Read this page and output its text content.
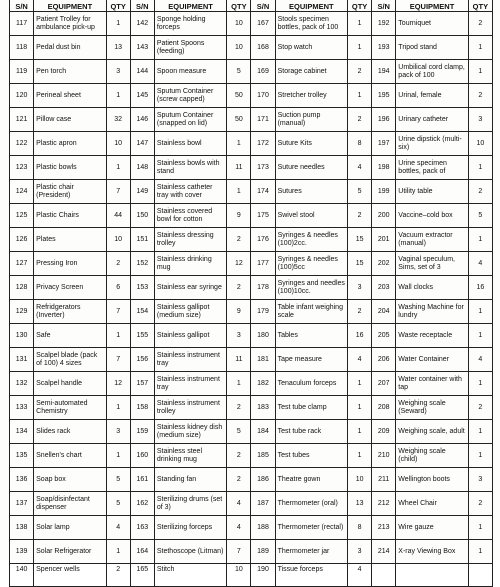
S/N	EQUIPMENT	QTY	S/N	EQUIPMENT	QTY	S/N	EQUIPMENT	QTY	S/N	EQUIPMENT	QTY
117	Patient Trolley for ambulance pick-up	1	142	Sponge holding forceps	10	167	Stools specimen bottles, pack of 100	1	192	Tourniquet	2
118	Pedal dust bin	13	143	Patient Spoons (feeding)	10	168	Stop watch	1	193	Tripod stand	1
119	Pen torch	3	144	Spoon measure	5	169	Storage cabinet	2	194	Umbilical cord clamp, pack of 100	1
120	Perineal sheet	1	145	Sputum Container (screw capped)	50	170	Stretcher trolley	1	195	Urinal, female	2
121	Pillow case	32	146	Sputum Container (snapped on lid)	50	171	Suction pump (manual)	2	196	Urinary catheter	3
122	Plastic apron	10	147	Stainless bowl	1	172	Suture Kits	8	197	Urine dipstick (multi-six)	10
123	Plastic bowls	1	148	Stainless bowls with stand	11	173	Suture needles	4	198	Urine specimen bottles, pack of	1
124	Plastic chair (President)	7	149	Stainless catheter tray with cover	1	174	Sutures	5	199	Utility table	2
125	Plastic Chairs	44	150	Stainless covered bowl for cotton	9	175	Swivel stool	2	200	Vaccine–cold box	5
126	Plates	10	151	Stainless dressing trolley	2	176	Syringes & needles (100)2cc.	15	201	Vacuum extractor (manual)	1
127	Pressing Iron	2	152	Stainless drinking mug	12	177	Syringes & needles (100)5cc	15	202	Vaginal speculum, Sims, set of 3	4
128	Privacy Screen	6	153	Stainless ear syringe	2	178	Syringes and needles (100)10cc.	3	203	Wall clocks	16
129	Refridgerators (Inverter)	7	154	Stainless gallipot (medium size)	9	179	Table infant weighing scale	2	204	Washing Machine for lundry	1
130	Safe	1	155	Stainless gallipot	3	180	Tables	16	205	Waste receptacle	1
131	Scalpel blade (pack of 100) 4 sizes	7	156	Stainless instrument tray	11	181	Tape measure	4	206	Water Container	4
132	Scalpel handle	12	157	Stainless instrument tray	1	182	Tenaculum forceps	1	207	Water container with tap	1
133	Semi-automated Chemistry	1	158	Stainless instrument trolley	2	183	Test tube clamp	1	208	Weighing scale (Seward)	2
134	Slides rack	3	159	Stainless kidney dish (medium size)	5	184	Test tube rack	1	209	Weighing scale, adult	1
135	Snellen's chart	1	160	Stainless steel drinking mug	2	185	Test tubes	1	210	Weighing scale (child)	1
136	Soap box	5	161	Standing fan	2	186	Theatre gown	10	211	Wellington boots	3
137	Soap/disinfectant dispenser	5	162	Sterilizing drums (set of 3)	4	187	Thermometer (oral)	13	212	Wheel Chair	2
138	Solar lamp	4	163	Sterilizing forceps	4	188	Thermometer (rectal)	8	213	Wire gauze	1
139	Solar Refrigerator	1	164	Stethoscope (Litman)	7	189	Thermometer jar	3	214	X-ray Viewing Box	1
140	Spencer wells	2	165	Stitch	10	190	Tissue forceps	4			
